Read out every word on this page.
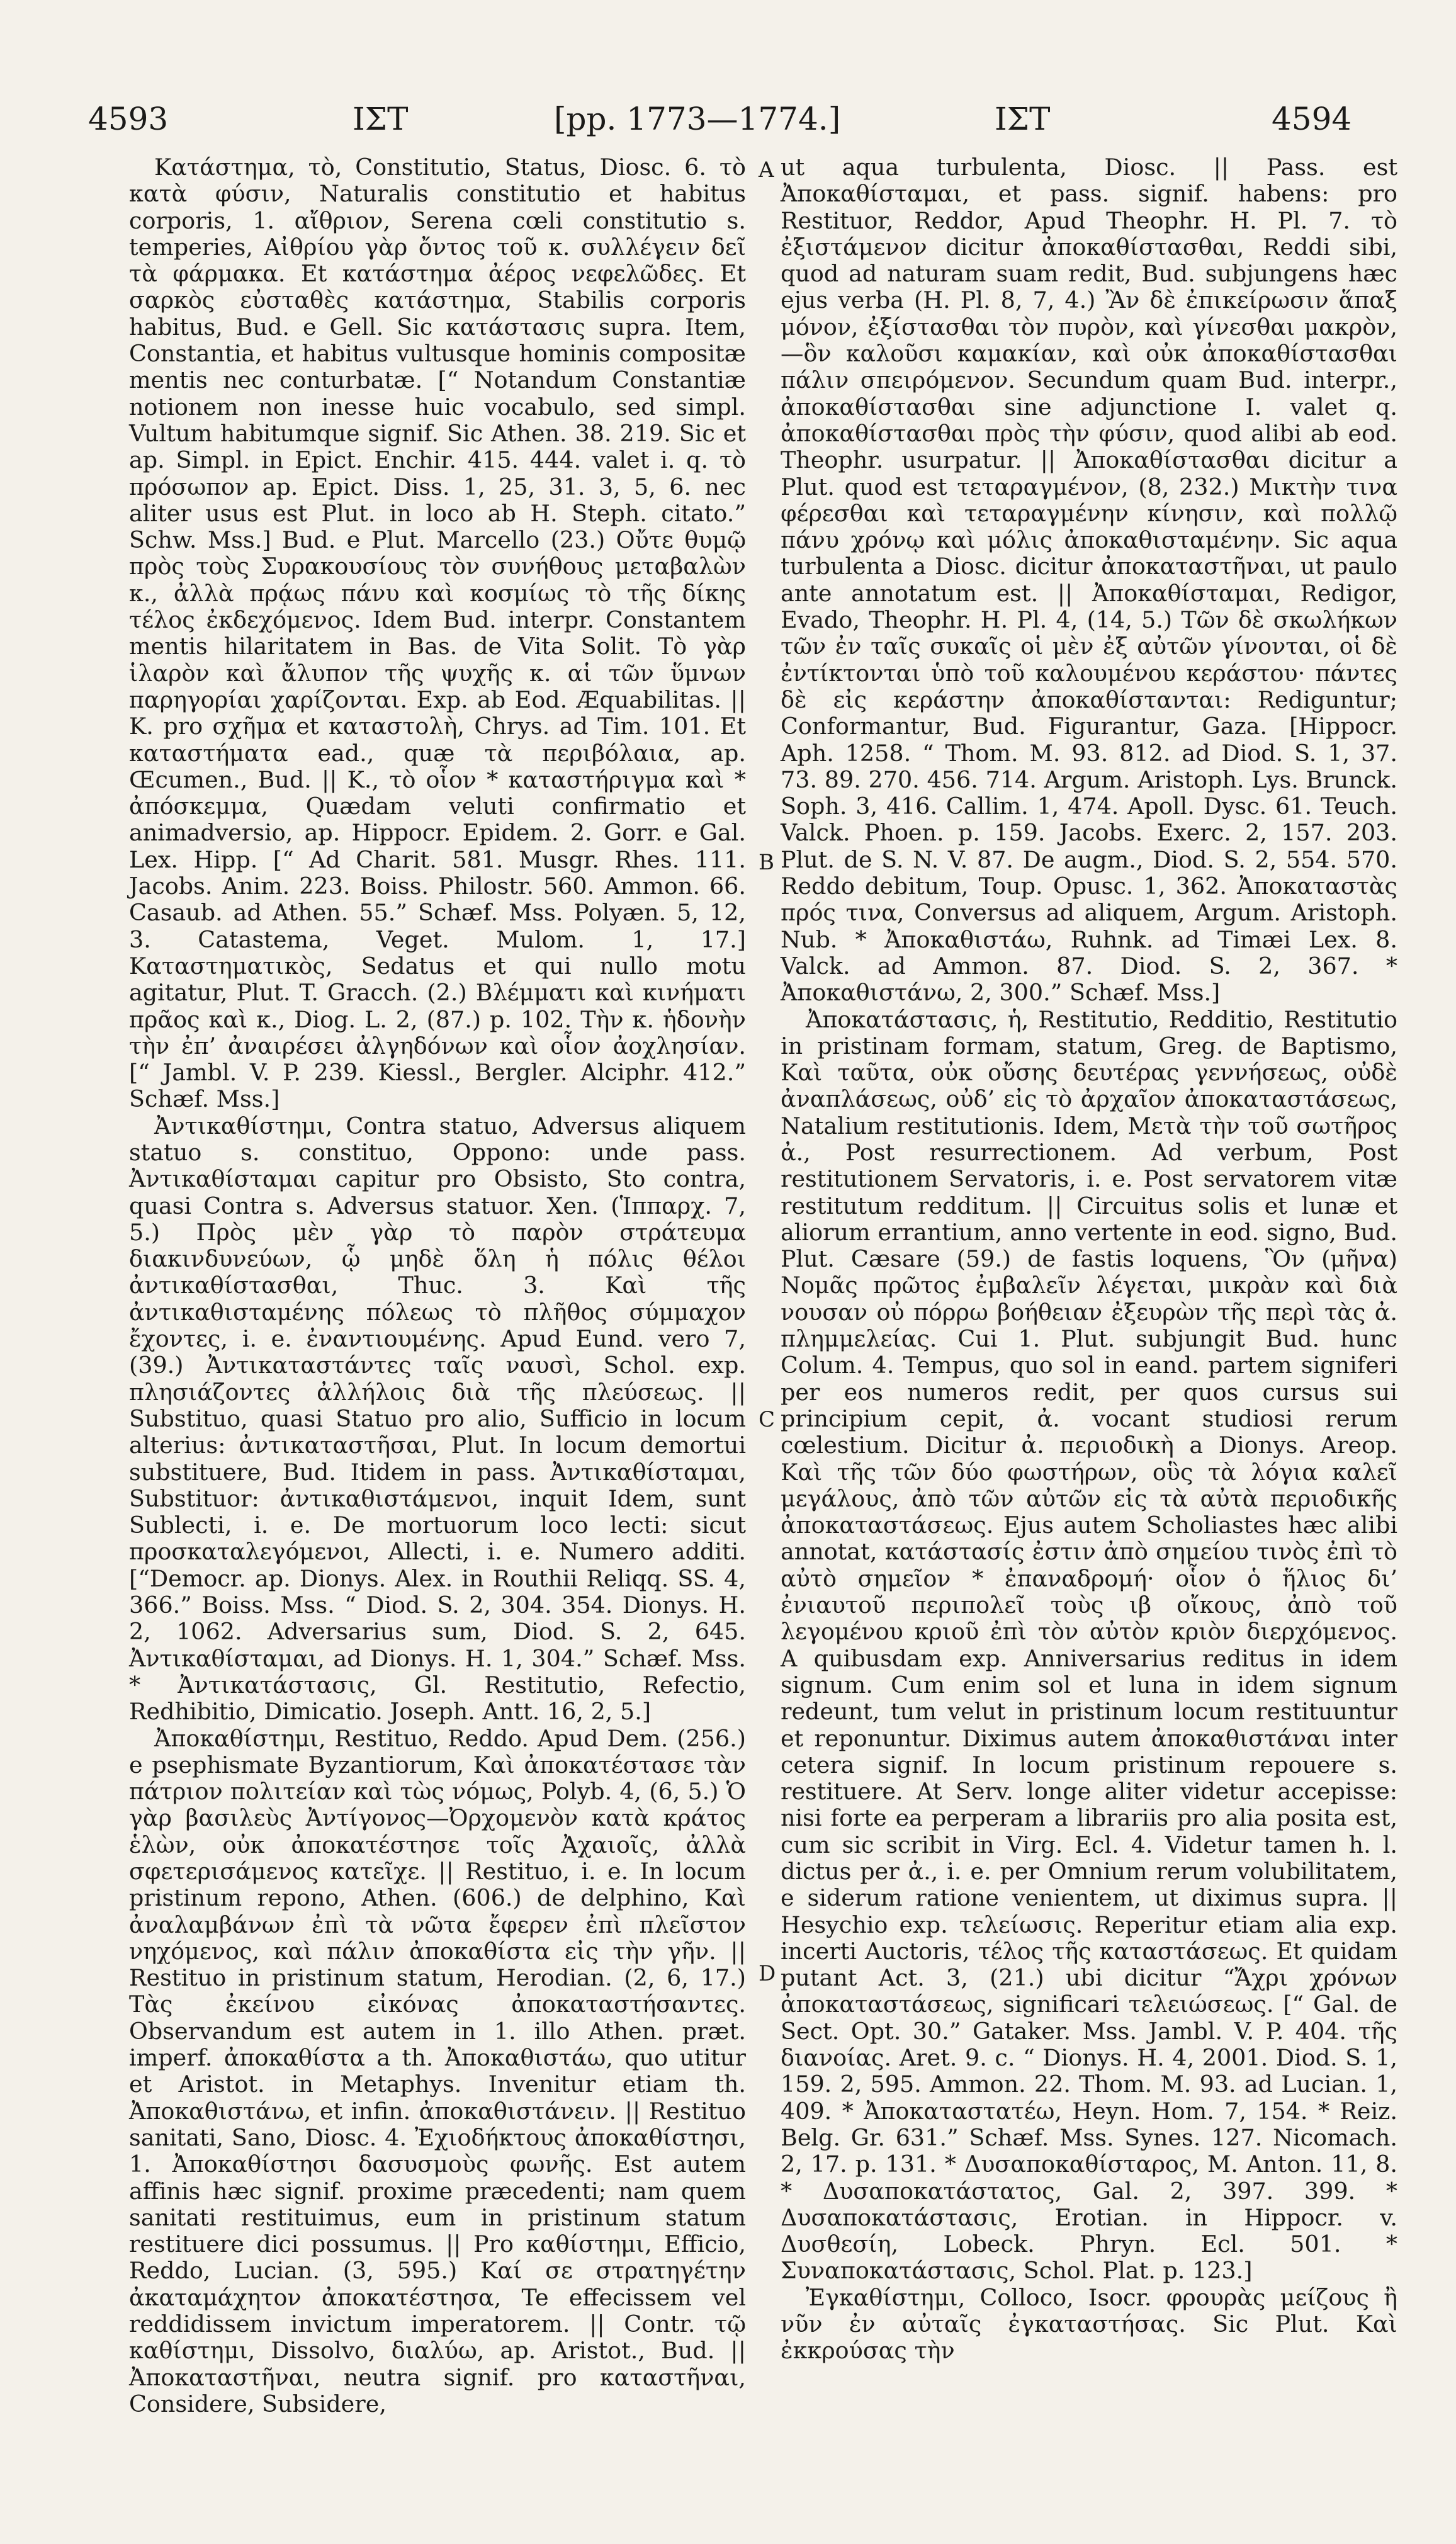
4593	ΙΣΤ	[pp. 1773—1774.]	ΙΣΤ	4594
A
B
C
D

Κατάστημα, τὸ, Constitutio, Status, Diosc. 6. τὸ κατὰ φύσιν, Naturalis constitutio et habitus corporis, 1. αἴθριον, Serena cœli constitutio s. temperies, Αἰθρίου γὰρ ὄντος τοῦ κ. συλλέγειν δεῖ τὰ φάρμακα. Et κατάστημα ἀέρος νεφελῶδες. Et σαρκὸς εὐσταθὲς κατάστημα, Stabilis corporis habitus, Bud. e Gell. Sic κατάστασις supra. Item, Constantia, et habitus vultusque hominis compositæ mentis nec conturbatæ. [“ Notandum Constantiæ notionem non inesse huic vocabulo, sed simpl. Vultum habitumque signif. Sic Athen. 38. 219. Sic et ap. Simpl. in Epict. Enchir. 415. 444. valet i. q. τὸ πρόσωπον ap. Epict. Diss. 1, 25, 31. 3, 5, 6. nec aliter usus est Plut. in loco ab H. Steph. citato.” Schw. Mss.] Bud. e Plut. Marcello (23.) Οὔτε θυμῷ πρὸς τοὺς Συρακουσίους τὸν συνήθους μεταβαλὼν κ., ἀλλὰ πρᾴως πάνυ καὶ κοσμίως τὸ τῆς δίκης τέλος ἐκδεχόμενος. Idem Bud. interpr. Constantem mentis hilaritatem in Bas. de Vita Solit. Τὸ γὰρ ἱλαρὸν καὶ ἄλυπον τῆς ψυχῆς κ. αἱ τῶν ὕμνων παρηγορίαι χαρίζονται. Exp. ab Eod. Æquabilitas. || Κ. pro σχῆμα et καταστολὴ, Chrys. ad Tim. 101. Et καταστήματα ead., quæ τὰ περιβόλαια, ap. Œcumen., Bud. || Κ., τὸ οἷον * καταστήριγμα καὶ * ἀπόσκεμμα, Quædam veluti confirmatio et animadversio, ap. Hippocr. Epidem. 2. Gorr. e Gal. Lex. Hipp. [“ Ad Charit. 581. Musgr. Rhes. 111. Jacobs. Anim. 223. Boiss. Philostr. 560. Ammon. 66. Casaub. ad Athen. 55.” Schæf. Mss. Polyæn. 5, 12, 3. Catastema, Veget. Mulom. 1, 17.] Καταστηματικὸς, Sedatus et qui nullo motu agitatur, Plut. T. Gracch. (2.) Βλέμματι καὶ κινήματι πρᾶος καὶ κ., Diog. L. 2, (87.) p. 102. Τὴν κ. ἡδονὴν τὴν ἐπ’ ἀναιρέσει ἀλγηδόνων καὶ οἷον ἀοχλησίαν. [“ Jambl. V. P. 239. Kiessl., Bergler. Alciphr. 412.” Schæf. Mss.]

Ἀντικαθίστημι, Contra statuo, Adversus aliquem statuo s. constituo, Oppono: unde pass. Ἀντικαθίσταμαι capitur pro Obsisto, Sto contra, quasi Contra s. Adversus statuor. Xen. (Ἱππαρχ. 7, 5.) Πρὸς μὲν γὰρ τὸ παρὸν στράτευμα διακινδυνεύων, ᾧ μηδὲ ὅλη ἡ πόλις θέλοι ἀντικαθίστασθαι, Thuc. 3. Καὶ τῆς ἀντικαθισταμένης πόλεως τὸ πλῆθος σύμμαχον ἔχοντες, i. e. ἐναντιουμένης. Apud Eund. vero 7, (39.) Ἀντικαταστάντες ταῖς ναυσὶ, Schol. exp. πλησιάζοντες ἀλλήλοις διὰ τῆς πλεύσεως. || Substituo, quasi Statuo pro alio, Sufficio in locum alterius: ἀντικαταστῆσαι, Plut. In locum demortui substituere, Bud. Itidem in pass. Ἀντικαθίσταμαι, Substituor: ἀντικαθιστάμενοι, inquit Idem, sunt Sublecti, i. e. De mortuorum loco lecti: sicut προσκαταλεγόμενοι, Allecti, i. e. Numero additi. [“Democr. ap. Dionys. Alex. in Routhii Reliqq. SS. 4, 366.” Boiss. Mss. “ Diod. S. 2, 304. 354. Dionys. H. 2, 1062. Adversarius sum, Diod. S. 2, 645. Ἀντικαθίσταμαι, ad Dionys. H. 1, 304.” Schæf. Mss. * Ἀντικατάστασις, Gl. Restitutio, Refectio, Redhibitio, Dimicatio. Joseph. Antt. 16, 2, 5.]

Ἀποκαθίστημι, Restituo, Reddo. Apud Dem. (256.) e psephismate Byzantiorum, Καὶ ἀποκατέστασε τὰν πάτριον πολιτείαν καὶ τὼς νόμως, Polyb. 4, (6, 5.) Ὁ γὰρ βασιλεὺς Ἀντίγονος—Ὀρχομενὸν κατὰ κράτος ἑλὼν, οὐκ ἀποκατέστησε τοῖς Ἀχαιοῖς, ἀλλὰ σφετερισάμενος κατεῖχε. || Restituo, i. e. In locum pristinum repono, Athen. (606.) de delphino, Καὶ ἀναλαμβάνων ἐπὶ τὰ νῶτα ἔφερεν ἐπὶ πλεῖστον νηχόμενος, καὶ πάλιν ἀποκαθίστα εἰς τὴν γῆν. || Restituo in pristinum statum, Herodian. (2, 6, 17.) Τὰς ἐκείνου εἰκόνας ἀποκαταστήσαντες. Observandum est autem in 1. illo Athen. præt. imperf. ἀποκαθίστα a th. Ἀποκαθιστάω, quo utitur et Aristot. in Metaphys. Invenitur etiam th. Ἀποκαθιστάνω, et infin. ἀποκαθιστάνειν. || Restituo sanitati, Sano, Diosc. 4. Ἐχιοδήκτους ἀποκαθίστησι, 1. Ἀποκαθίστησι δασυσμοὺς φωνῆς. Est autem affinis hæc signif. proxime præcedenti; nam quem sanitati restituimus, eum in pristinum statum restituere dici possumus. || Pro καθίστημι, Efficio, Reddo, Lucian. (3, 595.) Καί σε στρατηγέτην ἀκαταμάχητον ἀποκατέστησα, Te effecissem vel reddidissem invictum imperatorem. || Contr. τῷ καθίστημι, Dissolvo, διαλύω, ap. Aristot., Bud. || Ἀποκαταστῆναι, neutra signif. pro καταστῆναι, Considere, Subsidere,

ut aqua turbulenta, Diosc. || Pass. est Ἀποκαθίσταμαι, et pass. signif. habens: pro Restituor, Reddor, Apud Theophr. H. Pl. 7. τὸ ἐξιστάμενον dicitur ἀποκαθίστασθαι, Reddi sibi, quod ad naturam suam redit, Bud. subjungens hæc ejus verba (H. Pl. 8, 7, 4.) Ἂν δὲ ἐπικείρωσιν ἅπαξ μόνον, ἐξίστασθαι τὸν πυρὸν, καὶ γίνεσθαι μακρὸν,—ὃν καλοῦσι καμακίαν, καὶ οὐκ ἀποκαθίστασθαι πάλιν σπειρόμενον. Secundum quam Bud. interpr., ἀποκαθίστασθαι sine adjunctione I. valet q. ἀποκαθίστασθαι πρὸς τὴν φύσιν, quod alibi ab eod. Theophr. usurpatur. || Ἀποκαθίστασθαι dicitur a Plut. quod est τεταραγμένον, (8, 232.) Μικτὴν τινα φέρεσθαι καὶ τεταραγμένην κίνησιν, καὶ πολλῷ πάνυ χρόνῳ καὶ μόλις ἀποκαθισταμένην. Sic aqua turbulenta a Diosc. dicitur ἀποκαταστῆναι, ut paulo ante annotatum est. || Ἀποκαθίσταμαι, Redigor, Evado, Theophr. H. Pl. 4, (14, 5.) Τῶν δὲ σκωλήκων τῶν ἐν ταῖς συκαῖς οἱ μὲν ἐξ αὐτῶν γίνονται, οἱ δὲ ἐντίκτονται ὑπὸ τοῦ καλουμένου κεράστου· πάντες δὲ εἰς κεράστην ἀποκαθίστανται: Rediguntur; Conformantur, Bud. Figurantur, Gaza. [Hippocr. Aph. 1258. “ Thom. M. 93. 812. ad Diod. S. 1, 37. 73. 89. 270. 456. 714. Argum. Aristoph. Lys. Brunck. Soph. 3, 416. Callim. 1, 474. Apoll. Dysc. 61. Teuch. Valck. Phoen. p. 159. Jacobs. Exerc. 2, 157. 203. Plut. de S. N. V. 87. De augm., Diod. S. 2, 554. 570. Reddo debitum, Toup. Opusc. 1, 362. Ἀποκαταστὰς πρός τινα, Conversus ad aliquem, Argum. Aristoph. Nub. * Ἀποκαθιστάω, Ruhnk. ad Timæi Lex. 8. Valck. ad Ammon. 87. Diod. S. 2, 367. * Ἀποκαθιστάνω, 2, 300.” Schæf. Mss.]

Ἀποκατάστασις, ἡ, Restitutio, Redditio, Restitutio in pristinam formam, statum, Greg. de Baptismo, Καὶ ταῦτα, οὐκ οὔσης δευτέρας γεννήσεως, οὐδὲ ἀναπλάσεως, οὐδ’ εἰς τὸ ἀρχαῖον ἀποκαταστάσεως, Natalium restitutionis. Idem, Μετὰ τὴν τοῦ σωτῆρος ἀ., Post resurrectionem. Ad verbum, Post restitutionem Servatoris, i. e. Post servatorem vitæ restitutum redditum. || Circuitus solis et lunæ et aliorum errantium, anno vertente in eod. signo, Bud. Plut. Cæsare (59.) de fastis loquens, Ὃν (μῆνα) Νομᾶς πρῶτος ἐμβαλεῖν λέγεται, μικρὰν καὶ διὰ νουσαν οὐ πόρρω βοήθειαν ἐξευρὼν τῆς περὶ τὰς ἀ. πλημμελείας. Cui 1. Plut. subjungit Bud. hunc Colum. 4. Tempus, quo sol in eand. partem signiferi per eos numeros redit, per quos cursus sui principium cepit, ἀ. vocant studiosi rerum cœlestium. Dicitur ἀ. περιοδικὴ a Dionys. Areop. Καὶ τῆς τῶν δύο φωστήρων, οὓς τὰ λόγια καλεῖ μεγάλους, ἀπὸ τῶν αὐτῶν εἰς τὰ αὐτὰ περιοδικῆς ἀποκαταστάσεως. Ejus autem Scholiastes hæc alibi annotat, κατάστασίς ἐστιν ἀπὸ σημείου τινὸς ἐπὶ τὸ αὐτὸ σημεῖον * ἐπαναδρομή· οἷον ὁ ἥλιος δι’ ἐνιαυτοῦ περιπολεῖ τοὺς ιβ οἴκους, ἀπὸ τοῦ λεγομένου κριοῦ ἐπὶ τὸν αὐτὸν κριὸν διερχόμενος. A quibusdam exp. Anniversarius reditus in idem signum. Cum enim sol et luna in idem signum redeunt, tum velut in pristinum locum restituuntur et reponuntur. Diximus autem ἀποκαθιστάναι inter cetera signif. In locum pristinum repouere s. restituere. At Serv. longe aliter videtur accepisse: nisi forte ea perperam a librariis pro alia posita est, cum sic scribit in Virg. Ecl. 4. Videtur tamen h. l. dictus per ἀ., i. e. per Omnium rerum volubilitatem, e siderum ratione venientem, ut diximus supra. || Hesychio exp. τελείωσις. Reperitur etiam alia exp. incerti Auctoris, τέλος τῆς καταστάσεως. Et quidam putant Act. 3, (21.) ubi dicitur “Ἄχρι χρόνων ἀποκαταστάσεως, significari τελειώσεως. [“ Gal. de Sect. Opt. 30.” Gataker. Mss. Jambl. V. P. 404. τῆς διανοίας. Aret. 9. c. “ Dionys. H. 4, 2001. Diod. S. 1, 159. 2, 595. Ammon. 22. Thom. M. 93. ad Lucian. 1, 409. * Ἀποκαταστατέω, Heyn. Hom. 7, 154. * Reiz. Belg. Gr. 631.” Schæf. Mss. Synes. 127. Nicomach. 2, 17. p. 131. * Δυσαποκαθίσταρος, M. Anton. 11, 8. * Δυσαποκατάστατος, Gal. 2, 397. 399. * Δυσαποκατάστασις, Erotian. in Hippocr. v. Δυσθεσίη, Lobeck. Phryn. Ecl. 501. * Συναποκατάστασις, Schol. Plat. p. 123.]

Ἐγκαθίστημι, Colloco, Isocr. φρουρὰς μείζους ἢ νῦν ἐν αὐταῖς ἐγκαταστήσας. Sic Plut. Καὶ ἐκκρούσας τὴν
